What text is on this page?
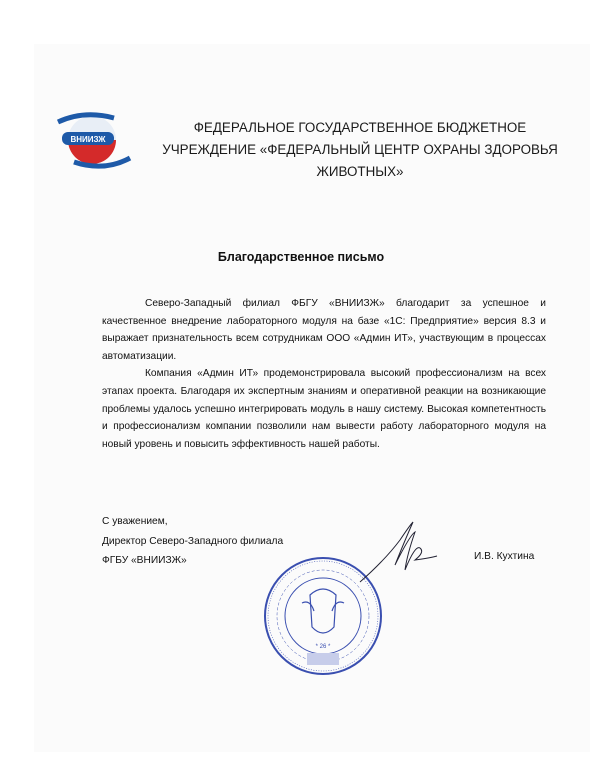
ВНИИЗЖ
ФЕДЕРАЛЬНОЕ ГОСУДАРСТВЕННОЕ БЮДЖЕТНОЕ
УЧРЕЖДЕНИЕ «ФЕДЕРАЛЬНЫЙ ЦЕНТР ОХРАНЫ ЗДОРОВЬЯ
ЖИВОТНЫХ»
Благодарственное письмо

Северо-Западный филиал ФБГУ «ВНИИЗЖ» благодарит за успешное и качественное внедрение лабораторного модуля на базе «1С: Предприятие» версия 8.3 и выражает признательность всем сотрудникам ООО «Админ ИТ», участвующим в процессах автоматизации.

Компания «Админ ИТ» продемонстрировала высокий профессионализм на всех этапах проекта. Благодаря их экспертным знаниям и оперативной реакции на возникающие проблемы удалось успешно интегрировать модуль в нашу систему. Высокая компетентность и профессионализм компании позволили нам вывести работу лабораторного модуля на новый уровень и повысить эффективность нашей работы.

С уважением,
Директор Северо-Западного филиала
ФГБУ «ВНИИЗЖ»	И.В. Кухтина
* 26 *
